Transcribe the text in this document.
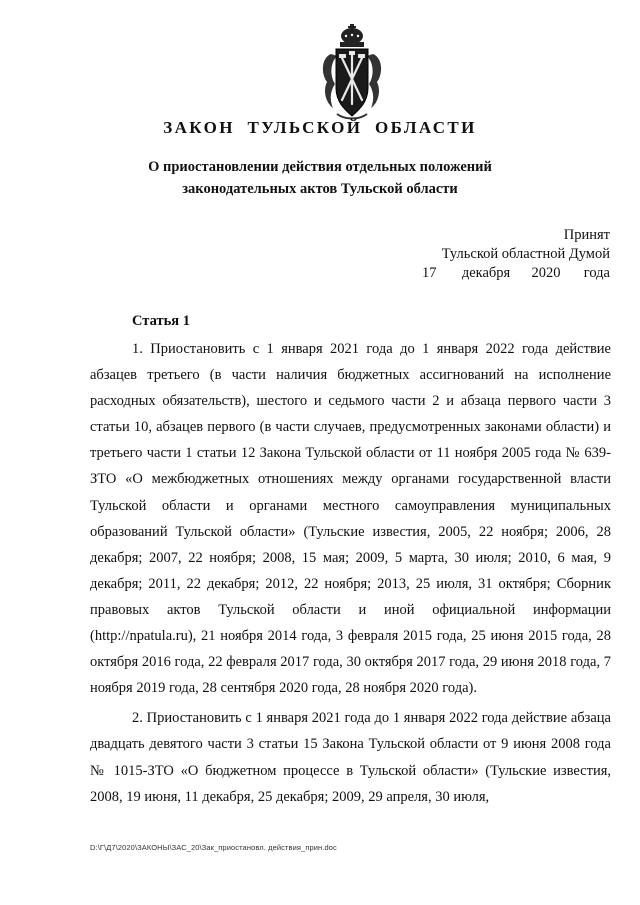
ЗАКОН ТУЛЬСКОЙ ОБЛАСТИ
О приостановлении действия отдельных положений
законодательных актов Тульской области
Принят
Тульской областной Думой
17	декабря	2020	года
Статья 1

1. Приостановить с 1 января 2021 года до 1 января 2022 года действие абзацев третьего (в части наличия бюджетных ассигнований на исполнение расходных обязательств), шестого и седьмого части 2 и абзаца первого части 3 статьи 10, абзацев первого (в части случаев, предусмотренных законами области) и третьего части 1 статьи 12 Закона Тульской области от 11 ноября 2005 года № 639-ЗТО «О межбюджетных отношениях между органами государственной власти Тульской области и органами местного самоуправления муниципальных образований Тульской области» (Тульские известия, 2005, 22 ноября; 2006, 28 декабря; 2007, 22 ноября; 2008, 15 мая; 2009, 5 марта, 30 июля; 2010, 6 мая, 9 декабря; 2011, 22 декабря; 2012, 22 ноября; 2013, 25 июля, 31 октября; Сборник правовых актов Тульской области и иной официальной информации (http://npatula.ru), 21 ноября 2014 года, 3 февраля 2015 года, 25 июня 2015 года, 28 октября 2016 года, 22 февраля 2017 года, 30 октября 2017 года, 29 июня 2018 года, 7 ноября 2019 года, 28 сентября 2020 года, 28 ноября 2020 года).

2. Приостановить с 1 января 2021 года до 1 января 2022 года действие абзаца двадцать девятого части 3 статьи 15 Закона Тульской области от 9 июня 2008 года № 1015-ЗТО «О бюджетном процессе в Тульской области» (Тульские известия, 2008, 19 июня, 11 декабря, 25 декабря; 2009, 29 апреля, 30 июля,

D:\Г\Д7\2020\ЗАКОНЫ\ЗАС_20\Зак_приостановл. действия_прин.doc
